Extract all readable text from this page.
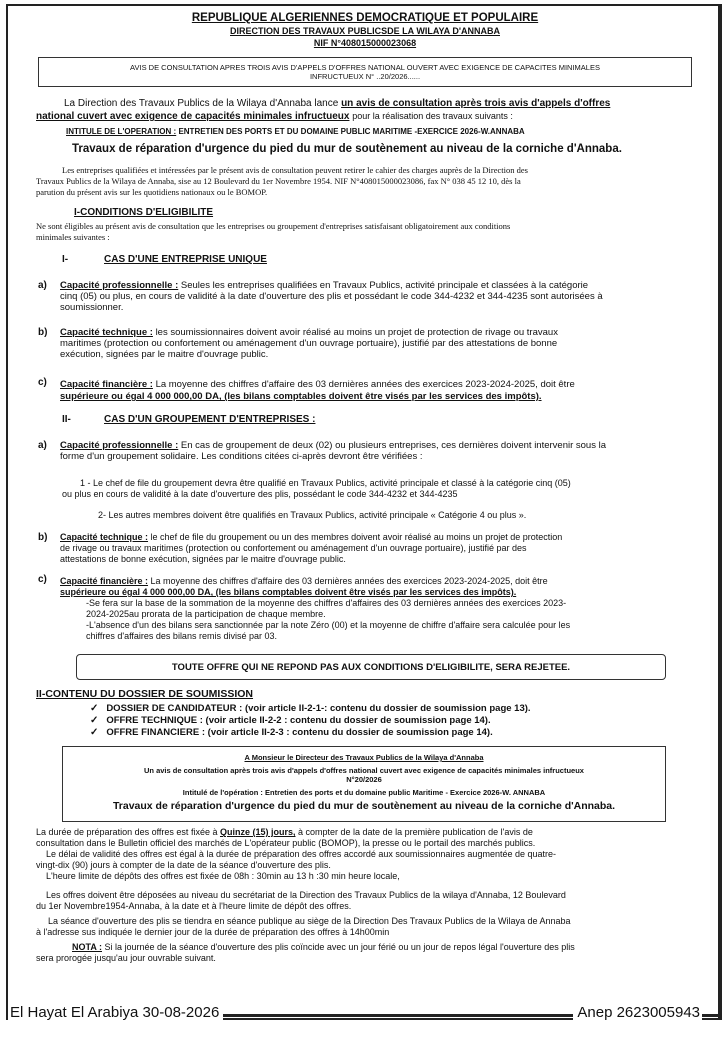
REPUBLIQUE ALGERIENNES DEMOCRATIQUE ET POPULAIRE
DIRECTION DES TRAVAUX PUBLICSDE LA WILAYA D'ANNABA
NIF N°408015000023068
AVIS DE CONSULTATION APRES TROIS AVIS D'APPELS D'OFFRES NATIONAL OUVERT AVEC EXIGENCE DE CAPACITES MINIMALES
INFRUCTUEUX N° ..20/2026......
La Direction des Travaux Publics de la Wilaya d'Annaba lance un avis de consultation après trois avis d'appels d'offres
national cuvert avec exigence de capacités minimales infructueux pour la réalisation des travaux suivants :
INTITULE DE L'OPERATION : ENTRETIEN DES PORTS ET DU DOMAINE PUBLIC MARITIME -EXERCICE 2026-W.ANNABA
Travaux de réparation d'urgence du pied du mur de soutènement au niveau de la corniche d'Annaba.
Les entreprises qualifiées et intéressées par le présent avis de consultation peuvent retirer le cahier des charges auprès de la Direction des
Travaux Publics de la Wilaya de Annaba, sise au 12 Boulevard du 1er Novembre 1954. NIF N°408015000023086, fax N° 038 45 12 10, dès la
parution du présent avis sur les quotidiens nationaux ou le BOMOP.
I-CONDITIONS D'ELIGIBILITE
Ne sont éligibles au présent avis de consultation que les entreprises ou groupement d'entreprises satisfaisant obligatoirement aux conditions
minimales suivantes :
I-	CAS D'UNE ENTREPRISE UNIQUE
a) Capacité professionnelle : Seules les entreprises qualifiées en Travaux Publics, activité principale et classées à la catégorie
cinq (05) ou plus, en cours de validité à la date d'ouverture des plis et possédant le code 344-4232 et 344-4235 sont autorisées à
soumissionner.
b) Capacité technique : les soumissionnaires doivent avoir réalisé au moins un projet de protection de rivage ou travaux
maritimes (protection ou confortement ou aménagement d'un ouvrage portuaire), justifié par des attestations de bonne
exécution, signées par le maitre d'ouvrage public.
c) Capacité financière : La moyenne des chiffres d'affaire des 03 dernières années des exercices 2023-2024-2025, doit être
supérieure ou égal 4 000 000,00 DA, (les bilans comptables doivent être visés par les services des impôts).
II-	CAS D'UN GROUPEMENT D'ENTREPRISES :
a) Capacité professionnelle : En cas de groupement de deux (02) ou plusieurs entreprises, ces dernières doivent intervenir sous la
forme d'un groupement solidaire. Les conditions citées ci-après devront être vérifiées :
1 - Le chef de file du groupement devra être qualifié en Travaux Publics, activité principale et classé à la catégorie cinq (05)
ou plus en cours de validité à la date d'ouverture des plis, possédant le code 344-4232 et 344-4235
2- Les autres membres doivent être qualifiés en Travaux Publics, activité principale « Catégorie 4 ou plus ».
b) Capacité technique : le chef de file du groupement ou un des membres doivent avoir réalisé au moins un projet de protection
de rivage ou travaux maritimes (protection ou confortement ou aménagement d'un ouvrage portuaire), justifié par des
attestations de bonne exécution, signées par le maitre d'ouvrage public.
c) Capacité financière : La moyenne des chiffres d'affaire des 03 dernières années des exercices 2023-2024-2025, doit être
supérieure ou égal 4 000 000,00 DA, (les bilans comptables doivent être visés par les services des impôts).
-Se fera sur la base de la sommation de la moyenne des chiffres d'affaires des 03 dernières années des exercices 2023-
2024-2025au prorata de la participation de chaque membre.
-L'absence d'un des bilans sera sanctionnée par la note Zéro (00) et la moyenne de chiffre d'affaire sera calculée pour les
chiffres d'affaires des bilans remis divisé par 03.
TOUTE OFFRE QUI NE REPOND PAS AUX CONDITIONS D'ELIGIBILITE, SERA REJETEE.
II-CONTENU DU DOSSIER DE SOUMISSION
✓ DOSSIER DE CANDIDATEUR : (voir article II-2-1-: contenu du dossier de soumission page 13).
✓ OFFRE TECHNIQUE : (voir article II-2-2 : contenu du dossier de soumission page 14).
✓ OFFRE FINANCIERE : (voir article II-2-3 : contenu du dossier de soumission page 14).
A Monsieur le Directeur des Travaux Publics de la Wilaya d'Annaba
Un avis de consultation après trois avis d'appels d'offres national cuvert avec exigence de capacités minimales infructueux
N°20/2026
Intitulé de l'opération : Entretien des ports et du domaine public Maritime - Exercice 2026-W. ANNABA
Travaux de réparation d'urgence du pied du mur de soutènement au niveau de la corniche d'Annaba.
La durée de préparation des offres est fixée à Quinze (15) jours, à compter de la date de la première publication de l'avis de
consultation dans le Bulletin officiel des marchés de L'opérateur public (BOMOP), la presse ou le portail des marchés publics.
Le délai de validité des offres est égal à la durée de préparation des offres accordé aux soumissionnaires augmentée de quatre-
vingt-dix (90) jours à compter de la date de la séance d'ouverture des plis.
L'heure limite de dépôts des offres est fixée de 08h : 30min au 13 h :30 min heure locale,
Les offres doivent être déposées au niveau du secrétariat de la Direction des Travaux Publics de la wilaya d'Annaba, 12 Boulevard
du 1er Novembre1954-Annaba, à la date et à l'heure limite de dépôt des offres.
La séance d'ouverture des plis se tiendra en séance publique au siège de la Direction Des Travaux Publics de la Wilaya de Annaba
à l'adresse sus indiquée le dernier jour de la durée de préparation des offres à 14h00min
NOTA : Si la journée de la séance d'ouverture des plis coïncide avec un jour férié ou un jour de repos légal l'ouverture des plis
sera prorogée jusqu'au jour ouvrable suivant.
El Hayat El Arabiya 30-08-2026	Anep 2623005943
